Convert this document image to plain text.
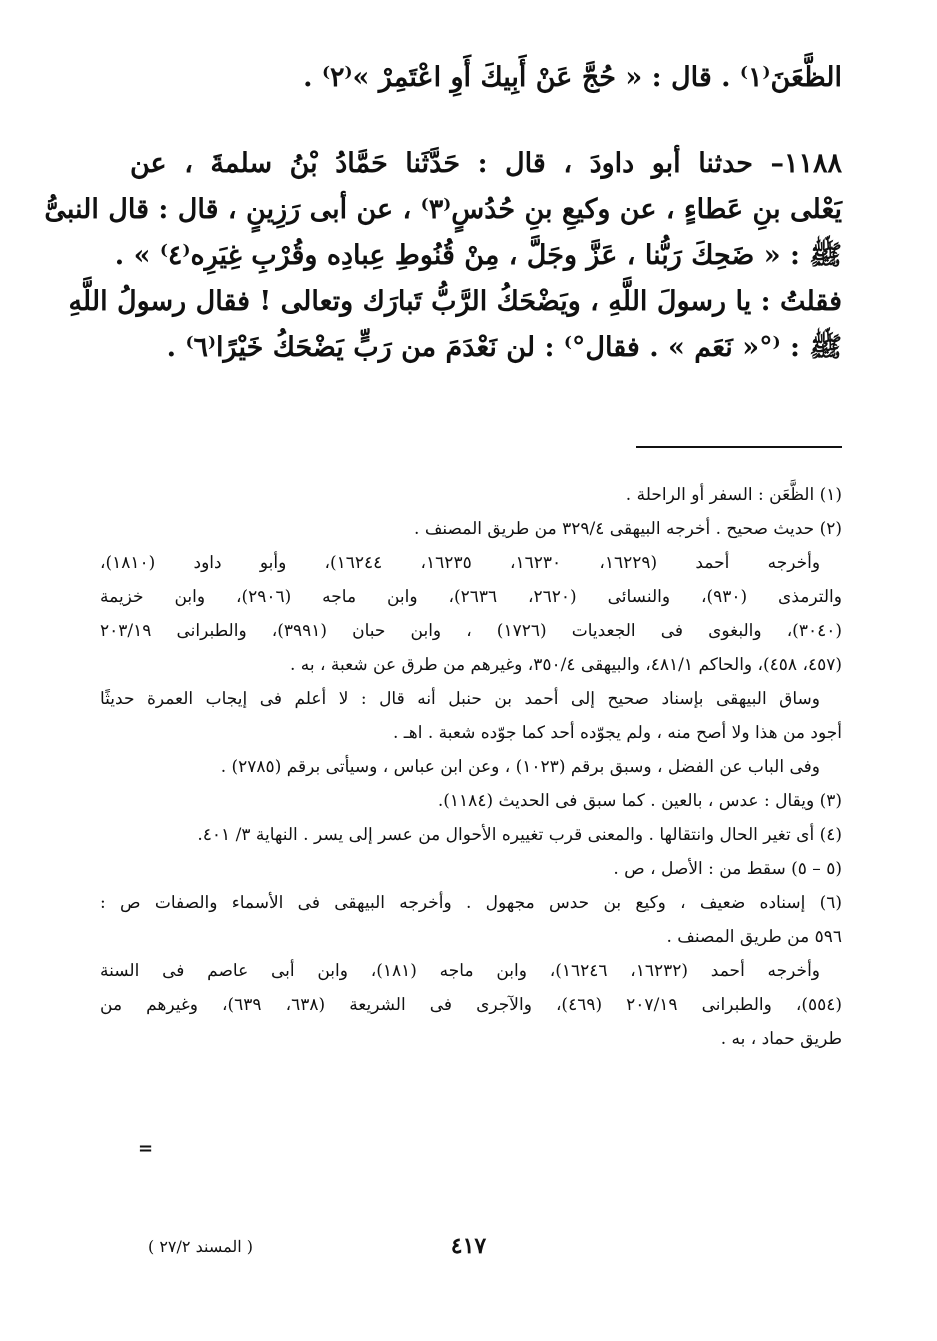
الظَّعَنَ⁽١⁾ . قال : « حُجَّ عَنْ أَبِيكَ أَوِ اعْتَمِرْ »⁽٢⁾ .
١١٨٨– حدثنا أبو داودَ ، قال : حَدَّثَنا حَمَّادُ بْنُ سلمةَ ، عن
يَعْلى بنِ عَطاءٍ ، عن وكيعِ بنِ حُدُسٍ⁽٣⁾ ، عن أبى رَزِينٍ ، قال : قال النبىُّ
ﷺ : « ضَحِكَ رَبُّنا ، عَزَّ وجَلَّ ، مِنْ قُنُوطِ عِبادِه وقُرْبِ غِيَرِه⁽٤⁾ » .
فقلتُ : يا رسولَ اللَّهِ ، ويَضْحَكُ الرَّبُّ تَبارَك وتعالى ! فقال رسولُ اللَّهِ
ﷺ : ⁽°« نَعَم » . فقال°⁾ : لن نَعْدَمَ من رَبٍّ يَضْحَكُ خَيْرًا⁽٦⁾ .
(١) الظَّعَن : السفر أو الراحلة .
(٢) حديث صحيح . أخرجه البيهقى ٣٢٩/٤ من طريق المصنف .
وأخرجه أحمد (١٦٢٢٩، ١٦٢٣٠، ١٦٢٣٥، ١٦٢٤٤)، وأبو داود (١٨١٠)،
والترمذى (٩٣٠)، والنسائى (٢٦٢٠، ٢٦٣٦)، وابن ماجه (٢٩٠٦)، وابن خزيمة
(٣٠٤٠)، والبغوى فى الجعديات (١٧٢٦) ، وابن حبان (٣٩٩١)، والطبرانى ٢٠٣/١٩
(٤٥٧، ٤٥٨)، والحاكم ٤٨١/١، والبيهقى ٣٥٠/٤، وغيرهم من طرق عن شعبة ، به .
وساق البيهقى بإسناد صحيح إلى أحمد بن حنبل أنه قال : لا أعلم فى إيجاب العمرة حديثًا
أجود من هذا ولا أصح منه ، ولم يجوّده أحد كما جوّده شعبة . اهـ .
وفى الباب عن الفضل ، وسبق برقم (١٠٢٣) ، وعن ابن عباس ، وسيأتى برقم (٢٧٨٥) .
(٣) ويقال : عدس ، بالعين . كما سبق فى الحديث (١١٨٤).
(٤) أى تغير الحال وانتقالها . والمعنى قرب تغييره الأحوال من عسر إلى يسر . النهاية ٣/ ٤٠١.
(٥ – ٥) سقط من : الأصل ، ص .
(٦) إسناده ضعيف ، وكيع بن حدس مجهول . وأخرجه البيهقى فى الأسماء والصفات ص :
٥٩٦ من طريق المصنف .
وأخرجه أحمد (١٦٢٣٢، ١٦٢٤٦)، وابن ماجه (١٨١)، وابن أبى عاصم فى السنة
(٥٥٤)، والطبرانى ٢٠٧/١٩ (٤٦٩)، والآجرى فى الشريعة (٦٣٨، ٦٣٩)، وغيرهم من
طريق حماد ، به .
=
٤١٧
( المسند ٢٧/٢ )
